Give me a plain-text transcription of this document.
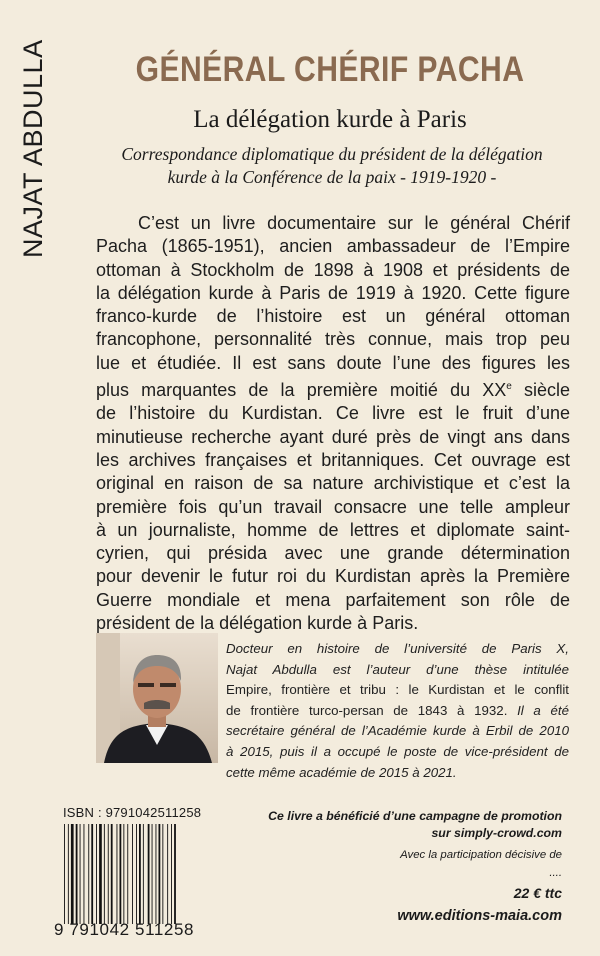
NAJAT ABDULLA	GÉNÉRAL CHÉRIF PACHA
La délégation kurde à Paris
Correspondance diplomatique du président de la délégation
kurde à la Conférence de la paix - 1919-1920 -
C’est un livre documentaire sur le général Chérif
Pacha (1865-1951), ancien ambassadeur de l’Empire
ottoman à Stockholm de 1898 à 1908 et présidents de
la délégation kurde à Paris de 1919 à 1920. Cette figure
franco-kurde de l’histoire est un général ottoman
francophone, personnalité très connue, mais trop peu
lue et étudiée. Il est sans doute l’une des figures les
plus marquantes de la première moitié du XXe siècle
de l’histoire du Kurdistan. Ce livre est le fruit d’une
minutieuse recherche ayant duré près de vingt ans dans
les archives françaises et britanniques. Cet ouvrage est
original en raison de sa nature archivistique et c’est la
première fois qu’un travail consacre une telle ampleur
à un journaliste, homme de lettres et diplomate saint-
cyrien, qui présida avec une grande détermination
pour devenir le futur roi du Kurdistan après la Première
Guerre mondiale et mena parfaitement son rôle de
président de la délégation kurde à Paris.
Docteur en histoire de l’université de Paris X,
Najat Abdulla est l’auteur d’une thèse intitulée
Empire, frontière et tribu : le Kurdistan et le conflit
de frontière turco-persan de 1843 à 1932. Il a été
secrétaire général de l’Académie kurde à Erbil de 2010
à 2015, puis il a occupé le poste de vice-président de
cette même académie de 2015 à 2021.
ISBN : 9791042511258
9 791042 511258
Ce livre a bénéficié d’une campagne de promotion
sur simply-crowd.com
Avec la participation décisive de
....
22 € ttc
www.editions-maia.com
